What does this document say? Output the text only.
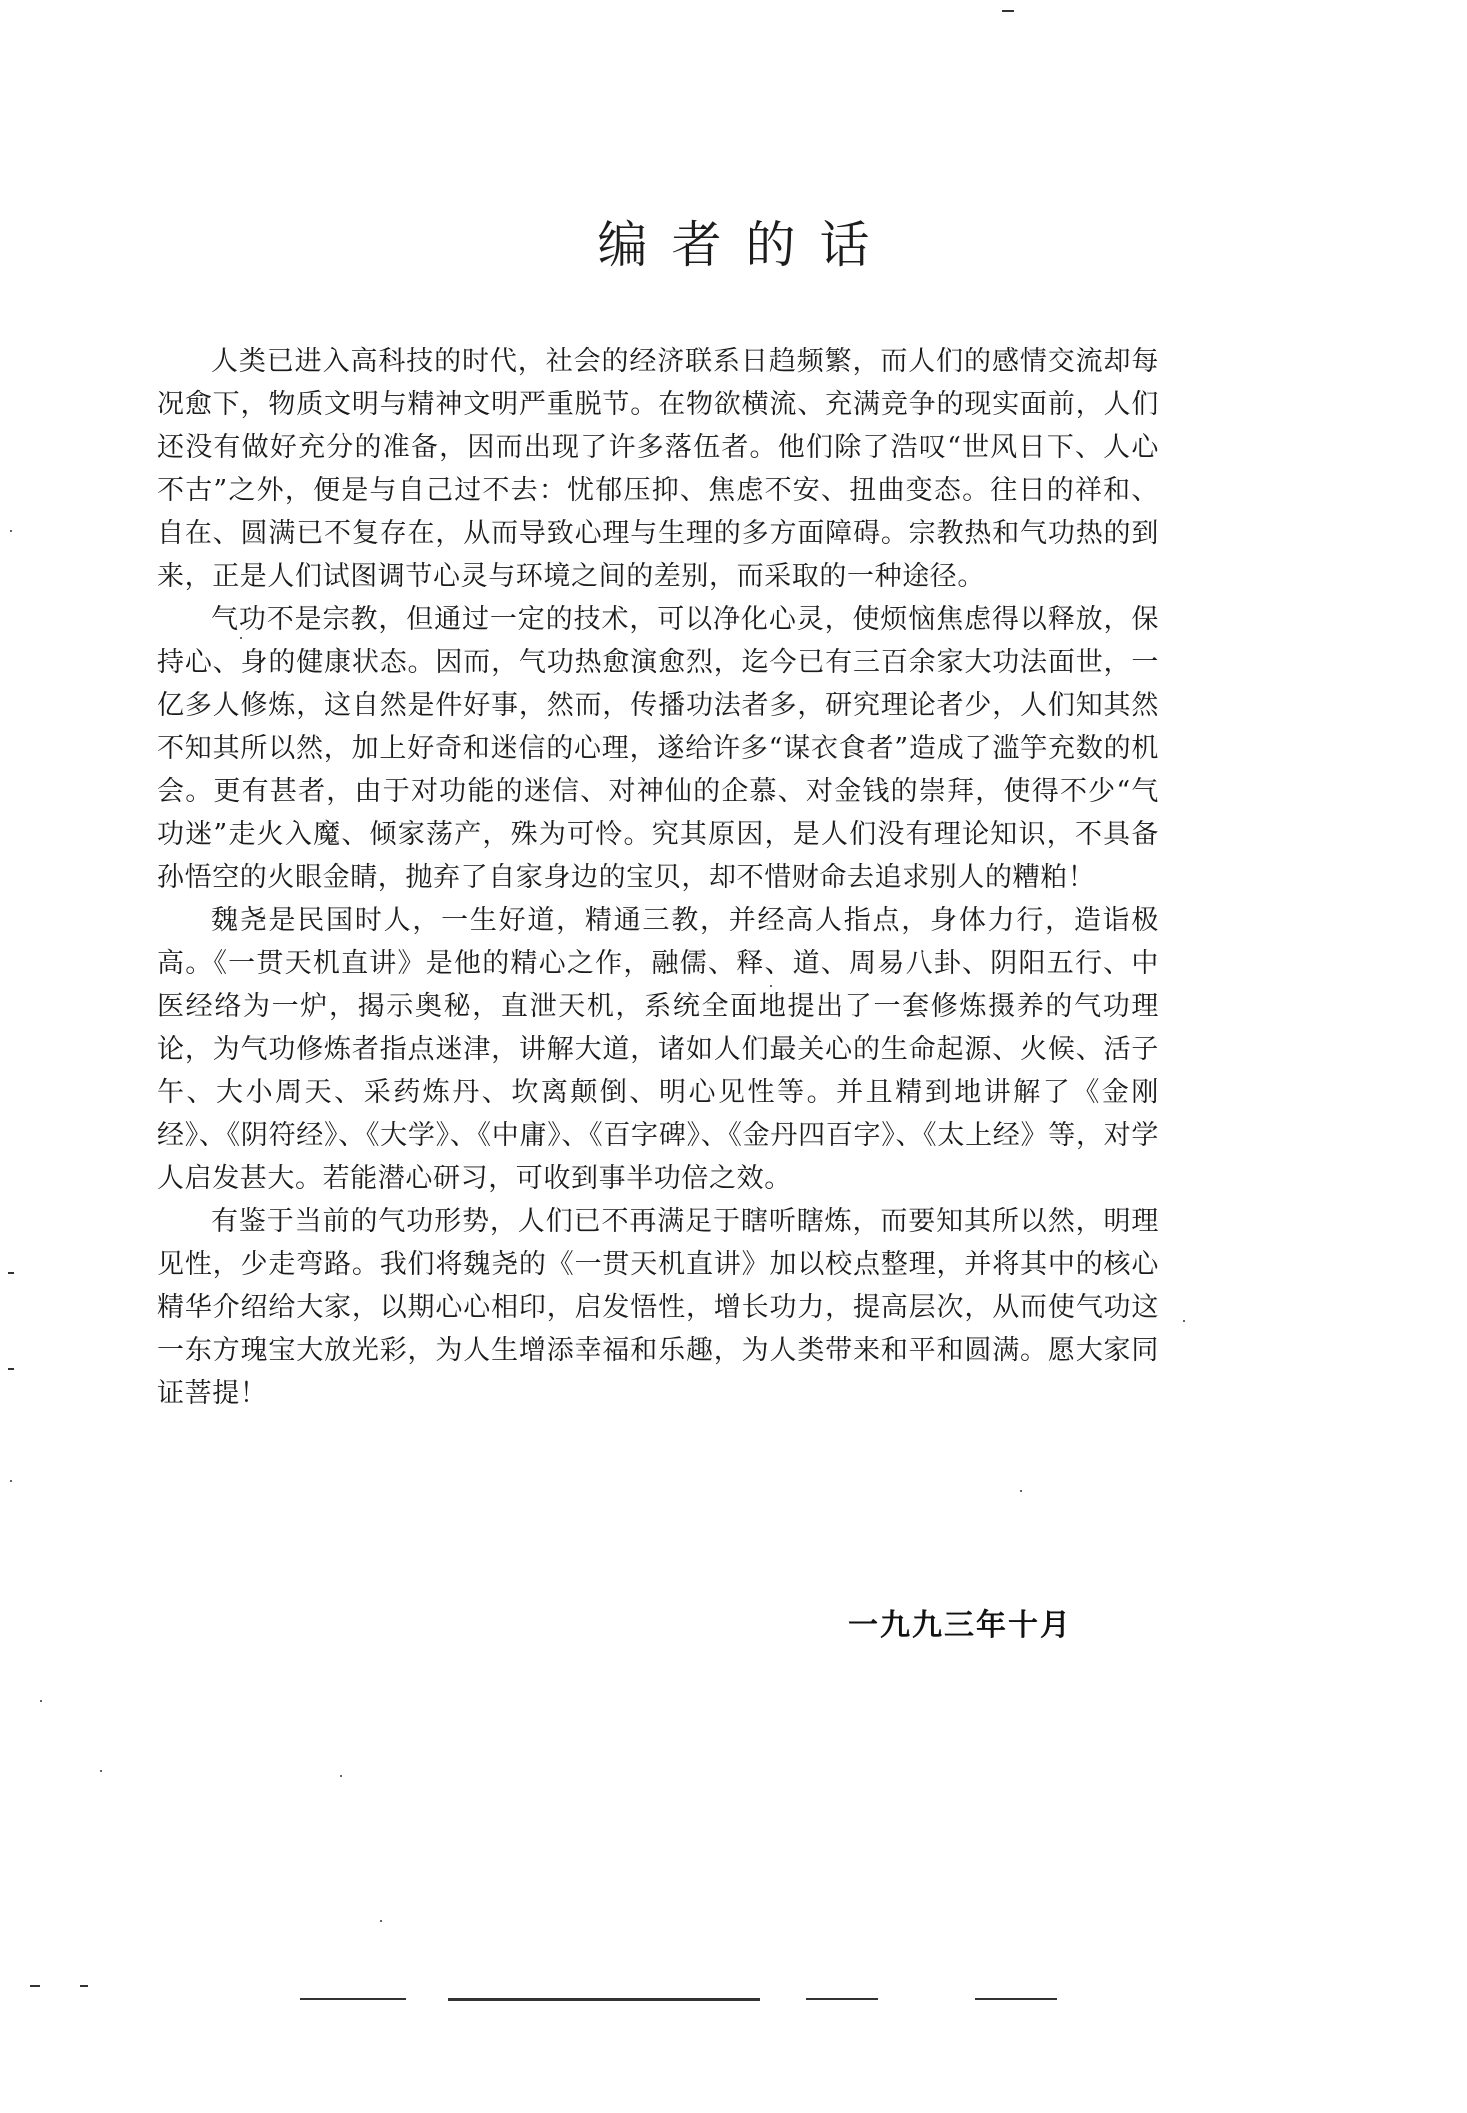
编者的话

人类已进入高科技的时代，社会的经济联系日趋频繁，而人们的感情交流却每况愈下，物质文明与精神文明严重脱节。在物欲横流、充满竞争的现实面前，人们还没有做好充分的准备，因而出现了许多落伍者。他们除了浩叹“世风日下、人心不古”之外，便是与自己过不去：忧郁压抑、焦虑不安、扭曲变态。往日的祥和、自在、圆满已不复存在，从而导致心理与生理的多方面障碍。宗教热和气功热的到来，正是人们试图调节心灵与环境之间的差别，而采取的一种途径。

气功不是宗教，但通过一定的技术，可以净化心灵，使烦恼焦虑得以释放，保持心、身的健康状态。因而，气功热愈演愈烈，迄今已有三百余家大功法面世，一亿多人修炼，这自然是件好事，然而，传播功法者多，研究理论者少，人们知其然不知其所以然，加上好奇和迷信的心理，遂给许多“谋衣食者”造成了滥竽充数的机会。更有甚者，由于对功能的迷信、对神仙的企慕、对金钱的崇拜，使得不少“气功迷”走火入魔、倾家荡产，殊为可怜。究其原因，是人们没有理论知识，不具备孙悟空的火眼金睛，抛弃了自家身边的宝贝，却不惜财命去追求别人的糟粕！

魏尧是民国时人，一生好道，精通三教，并经高人指点，身体力行，造诣极高。《一贯天机直讲》是他的精心之作，融儒、释、道、周易八卦、阴阳五行、中医经络为一炉，揭示奥秘，直泄天机，系统全面地提出了一套修炼摄养的气功理论，为气功修炼者指点迷津，讲解大道，诸如人们最关心的生命起源、火候、活子午、大小周天、采药炼丹、坎离颠倒、明心见性等。并且精到地讲解了《金刚经》、《阴符经》、《大学》、《中庸》、《百字碑》、《金丹四百字》、《太上经》等，对学人启发甚大。若能潜心研习，可收到事半功倍之效。

有鉴于当前的气功形势，人们已不再满足于瞎听瞎炼，而要知其所以然，明理见性，少走弯路。我们将魏尧的《一贯天机直讲》加以校点整理，并将其中的核心精华介绍给大家，以期心心相印，启发悟性，增长功力，提高层次，从而使气功这一东方瑰宝大放光彩，为人生增添幸福和乐趣，为人类带来和平和圆满。愿大家同证菩提！

一九九三年十月
